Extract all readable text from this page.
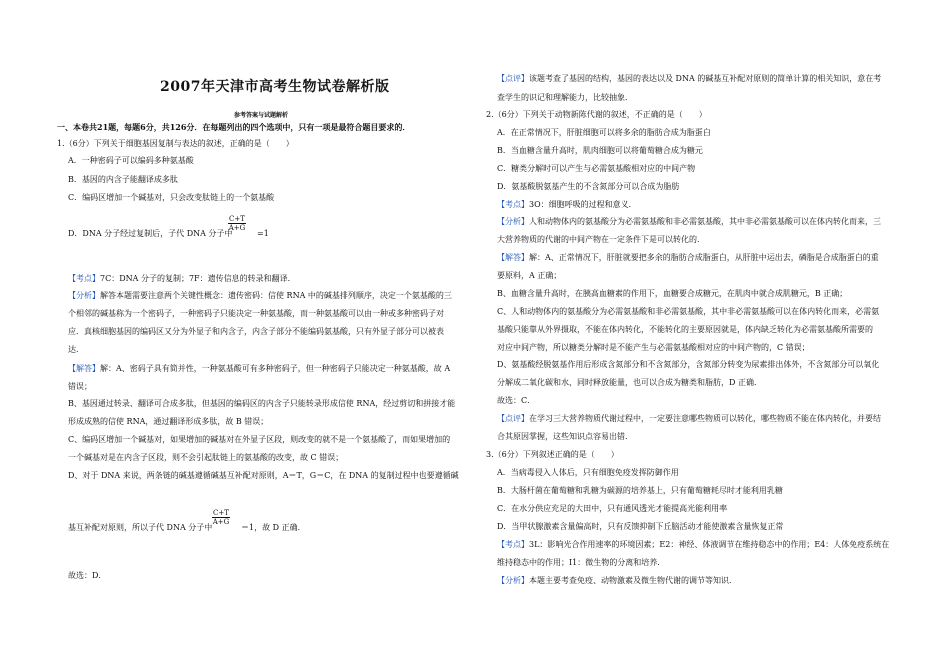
2007年天津市高考生物试卷解析版
参考答案与试题解析
一、本卷共21题，每题6分，共126分．在每题列出的四个选项中，只有一项是最符合题目要求的．
1.（6分）下列关于细胞基因复制与表达的叙述，正确的是（　　）
A．一种密码子可以编码多种氨基酸
B．基因的内含子能翻译成多肽
C．编码区增加一个碱基对，只会改变肽链上的一个氨基酸
D．DNA 分子经过复制后，子代 DNA 分子中
$\frac{C+T}{A+G}$
=1
【考点】7C：DNA 分子的复制；7F：遗传信息的转录和翻译．
【分析】解答本题需要注意两个关键性概念：遗传密码：信使 RNA 中的碱基排列顺序，决定一个氨基酸的三
个相邻的碱基称为一个密码子，一种密码子只能决定一种氨基酸，而一种氨基酸可以由一种或多种密码子对
应．真核细胞基因的编码区又分为外显子和内含子，内含子部分不能编码氨基酸，只有外显子部分可以被表
达．
【解答】解：A、密码子具有简并性，一种氨基酸可有多种密码子，但一种密码子只能决定一种氨基酸，故 A
错误；
B、基因通过转录、翻译可合成多肽，但基因的编码区的内含子只能转录形成信使 RNA，经过剪切和拼接才能
形成成熟的信使 RNA，通过翻译形成多肽，故 B 错误；
C、编码区增加一个碱基对，如果增加的碱基对在外显子区段，则改变的就不是一个氨基酸了，而如果增加的
一个碱基对是在内含子区段，则不会引起肽链上的氨基酸的改变，故 C 错误；
D、对于 DNA 来说，两条链的碱基遵循碱基互补配对原则，A＝T，G＝C，在 DNA 的复制过程中也要遵循碱
基互补配对原则，所以子代 DNA 分子中
$\frac{C+T}{A+G}$
＝1，故 D 正确．
故选：D．
【点评】该题考查了基因的结构，基因的表达以及 DNA 的碱基互补配对原则的简单计算的相关知识，意在考
查学生的识记和理解能力，比较抽象．
2.（6分）下列关于动物新陈代谢的叙述，不正确的是（　　）
A．在正常情况下，肝脏细胞可以将多余的脂肪合成为脂蛋白
B．当血糖含量升高时，肌肉细胞可以将葡萄糖合成为糖元
C．糖类分解时可以产生与必需氨基酸相对应的中间产物
D．氨基酸脱氨基产生的不含氮部分可以合成为脂肪
【考点】3O：细胞呼吸的过程和意义．
【分析】人和动物体内的氨基酸分为必需氨基酸和非必需氨基酸，其中非必需氨基酸可以在体内转化而来，三
大营养物质的代谢的中间产物在一定条件下是可以转化的．
【解答】解：A、正常情况下，肝脏就要把多余的脂肪合成脂蛋白，从肝脏中运出去，磷脂是合成脂蛋白的重
要原料，A 正确；
B、血糖含量升高时，在胰高血糖素的作用下，血糖要合成糖元，在肌肉中就合成肌糖元，B 正确；
C、人和动物体内的氨基酸分为必需氨基酸和非必需氨基酸，其中非必需氨基酸可以在体内转化而来，必需氨
基酸只能靠从外界摄取，不能在体内转化，不能转化的主要原因就是，体内缺乏转化为必需氨基酸所需要的
对应中间产物，所以糖类分解时是不能产生与必需氨基酸相对应的中间产物的，C 错误；
D、氨基酸经脱氨基作用后形成含氮部分和不含氮部分，含氮部分转变为尿素排出体外，不含氮部分可以氧化
分解成二氧化碳和水，同时释放能量，也可以合成为糖类和脂肪，D 正确．
故选：C．
【点评】在学习三大营养物质代谢过程中，一定要注意哪些物质可以转化，哪些物质不能在体内转化，并要结
合其原因掌握，这些知识点容易出错．
3.（6分）下列叙述正确的是（　　）
A．当病毒侵入人体后，只有细胞免疫发挥防御作用
B．大肠杆菌在葡萄糖和乳糖为碳源的培养基上，只有葡萄糖耗尽时才能利用乳糖
C．在水分供应充足的大田中，只有通风透光才能提高光能利用率
D．当甲状腺激素含量偏高时，只有反馈抑制下丘脑活动才能使激素含量恢复正常
【考点】3L：影响光合作用速率的环境因素；E2：神经、体液调节在维持稳态中的作用；E4：人体免疫系统在
维持稳态中的作用；I1：微生物的分离和培养．
【分析】本题主要考查免疫、动物激素及微生物代谢的调节等知识．
